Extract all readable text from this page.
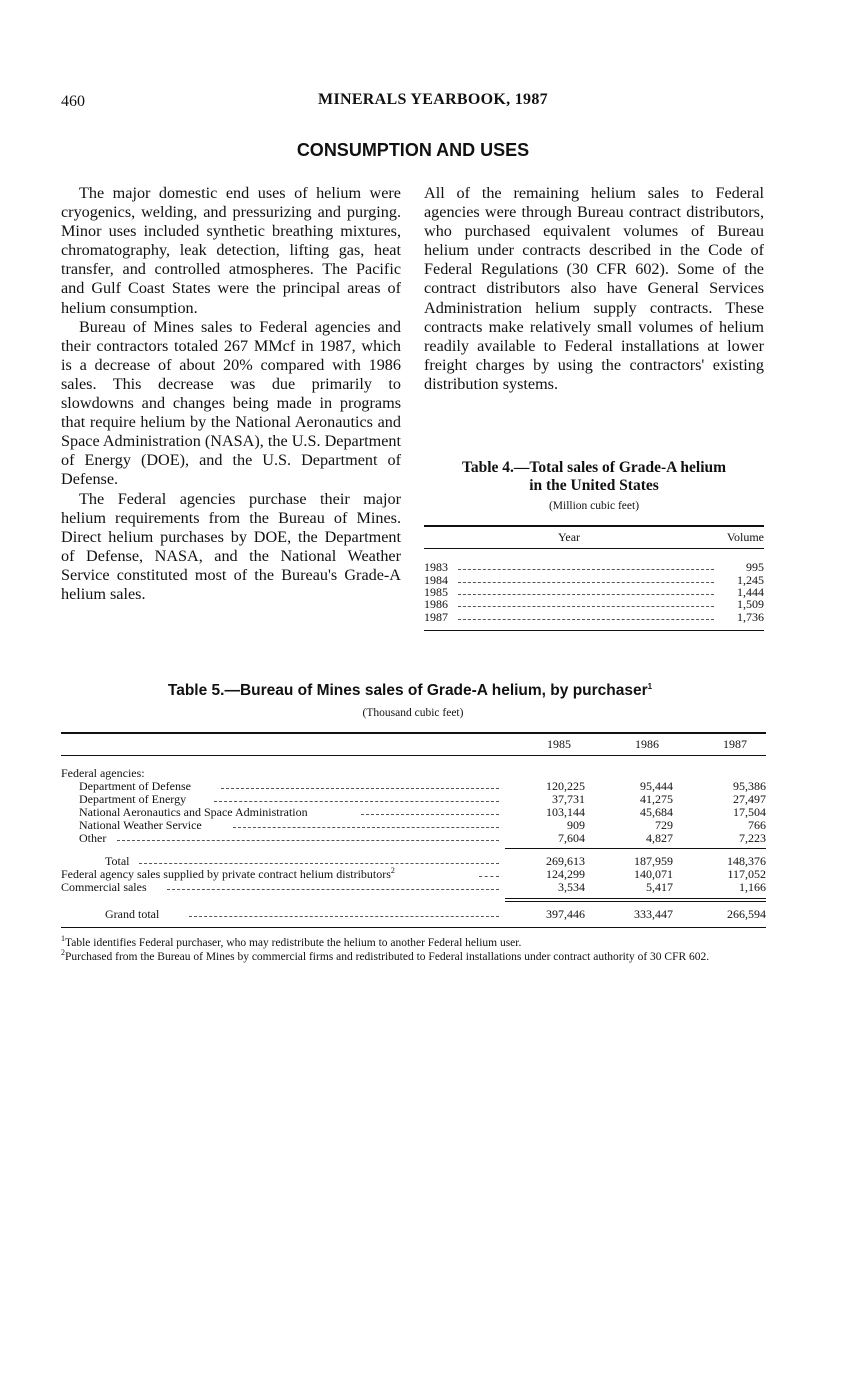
460	MINERALS YEARBOOK, 1987
CONSUMPTION AND USES

The major domestic end uses of helium were cryogenics, welding, and pressurizing and purging. Minor uses included synthetic breathing mixtures, chromatography, leak detection, lifting gas, heat transfer, and controlled atmospheres. The Pacific and Gulf Coast States were the principal areas of helium consumption.

Bureau of Mines sales to Federal agencies and their contractors totaled 267 MMcf in 1987, which is a decrease of about 20% compared with 1986 sales. This decrease was due primarily to slowdowns and changes being made in programs that require helium by the National Aeronautics and Space Administration (NASA), the U.S. Department of Energy (DOE), and the U.S. Department of Defense.

The Federal agencies purchase their major helium requirements from the Bureau of Mines. Direct helium purchases by DOE, the Department of Defense, NASA, and the National Weather Service constituted most of the Bureau's Grade-A helium sales.

All of the remaining helium sales to Federal agencies were through Bureau contract distributors, who purchased equivalent volumes of Bureau helium under contracts described in the Code of Federal Regulations (30 CFR 602). Some of the contract distributors also have General Services Administration helium supply contracts. These contracts make relatively small volumes of helium readily available to Federal installations at lower freight charges by using the contractors' existing distribution systems.

Table 4.—Total sales of Grade-A helium
in the United States
(Million cubic feet)
Year	Volume
1983	995
1984	1,245
1985	1,444
1986	1,509
1987	1,736
Table 5.—Bureau of Mines sales of Grade-A helium, by purchaser$^1$
(Thousand cubic feet)
1985	1986	1987
Federal agencies:
Department of Defense	120,225	95,444	95,386
Department of Energy	37,731	41,275	27,497
National Aeronautics and Space Administration	103,144	45,684	17,504
National Weather Service	909	729	766
Other	7,604	4,827	7,223
Total	269,613	187,959	148,376
Federal agency sales supplied by private contract helium distributors$^2$	124,299	140,071	117,052
Commercial sales	3,534	5,417	1,166
Grand total	397,446	333,447	266,594
$^1$Table identifies Federal purchaser, who may redistribute the helium to another Federal helium user.
$^2$Purchased from the Bureau of Mines by commercial firms and redistributed to Federal installations under contract authority of 30 CFR 602.
